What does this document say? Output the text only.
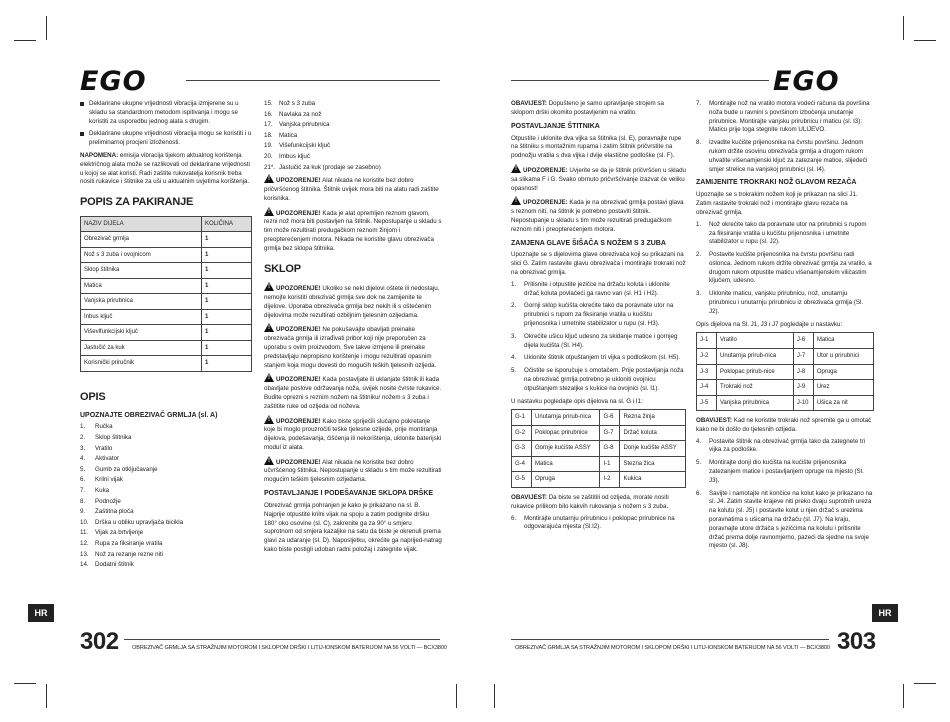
EGO
Deklarirane ukupne vrijednosti vibracija izmjerene su u skladu sa standardnom metodom ispitivanja i mogu se koristiti za usporedbu jednog alata s drugim.
Deklarirane ukupne vrijednosti vibracija mogu se koristiti i u preliminarnoj procjeni izloženosti.

NAPOMENA: emisija vibracija tijekom aktualnog korištenja električnog alata može se razlikovati od deklarirane vrijednosti u kojoj se alat koristi. Radi zaštite rukovatelja korisnik treba nositi rukavice i štitnike za uši u aktualnim uvjetima korištenja.

POPIS ZA PAKIRANJE
NAZIV DIJELA	KOLIČINA
Obrezivač grmlja	1
Nož s 3 zuba i ovojnicom	1
Sklop štitnika	1
Matica	1
Vanjska prirubnica	1
Inbus ključ	1
Viševlfunkcijski ključ	1
Jastučić za kuk	1
Korisnički priručnik	1
OPIS
UPOZNAJTE OBREZIVAČ GRMLJA (sl. A)
1.	Ručka
2.	Sklop štitnika
3.	Vratilo
4.	Aktivator
5.	Gumb za otključavanje
6.	Krilni vijak
7.	Kuka
8.	Podnožje
9.	Zaštitna ploča
10.	Drška u obliku upravljača bicikla
11.	Vijak za brtvljenje
12.	Rupa za fiksiranje vratila
13.	Nož za rezanje rezne niti
14.	Dodatni štitnik
15.	Nož s 3 zuba
16.	Navlaka za nož
17.	Vanjska prirubnica
18.	Matica
19.	Višefunkcijski ključ
20.	Imbus ključ
21*. Jastučić za kuk (prodaje se zasebno)

!UPOZORENJE! Alat nikada ne koristite bez dobro pričvršćenog štitnika. Štitnik uvijek mora biti na alatu radi zaštite korisnika.

!UPOZORENJE! Kada je alat opremljen reznom glavom, rezni nož mora biti postavljen na štitnik. Nepostupanje u skladu s tim može rezultirati predugačkom reznom žinjom i preopterećenjem motora. Nikada ne koristite glavu obrezivača grmlja bez sklopa štitnika.

SKLOP

!UPOZORENJE! Ukoliko se neki dijelovi oštete ili nedostaju, nemojte koristiti obrezivač grmlja sve dok ne zamijenite te dijelove. Uporaba obrezivača grmlja bez nekih ili s oštećenim dijelovima može rezultirati ozbiljnim tjelesnim ozljedama.

!UPOZORENJE! Ne pokušavajte obavljati preinake obrezivača grmlja ili izrađivati pribor koji nije preporučen za uporabu s ovim proizvodom. Sve takve izmjene ili preinake predstavljaju nepropisno korištenje i mogu rezultirati opasnim stanjem koja mogu dovesti do mogućih teških tjelesnih ozljeda.

!UPOZORENJE! Kada postavljate ili uklanjate štitnik ili kada obavljate poslove održavanja noža, uvijek nosite čvrste rukavice. Budite oprezni s reznim nožem na štitniku/ nožem s 3 zuba i zaštitite ruke od ozljeda od noževa.

!UPOZORENJE! Kako biste spriječili slučajno pokretanje koje bi moglo prouzročiti teške tjelesne ozljede, prije montiranja dijelova, podešavanja, čišćenja ili nekorištenja, uklonite baterijski modul iz alata.

!UPOZORENJE! Alat nikada ne koristite bez dobro učvršćenog štitnika. Nepostupanje u skladu s tim može rezultirati mogućim teškim tjelesnim ozljedama.

POSTAVLJANJE I PODEŠAVANJE SKLOPA DRŠKE

Obrezivač grmlja pohranjen je kako je prikazano na sl. B. Najprije otpustite krilni vijak na spoju a zatim podignite dršku 180° oko osovine (sl. C), zakrenite ga za 90° u smjeru suprotnom od smjera kazaljke na satu da biste je okrenuli prema glavi za udaranje (sl. D). Naposljetku, okrećite ga naprijed-natrag kako biste postigli udoban radni položaj i zategnite vijak.

HR
302 OBREZIVAČ GRMLJA SA STRAŽNJIM MOTOROM I SKLOPOM DRŠKI I LITIJ-IONSKOM BATERIJOM NA 56 VOLTI — BCX3800
EGO

OBAVIJEST: Dopušteno je samo upravljanje strojem sa sklopom drški okomito postavljenim na vratilo.

POSTAVLJANJE ŠTITNIKA

Otpustite i uklonite dva vijka sa štitnika (sl. E), poravnajte rupe na štitniku s montažnim rupama i zatim štitnik pričvrstite na podnožju vratila s dva vijka i dvije elastične podloške (sl. F).

!UPOZORENJE: Uvjerite se da je štitnik pričvršćen u skladu sa slikama F i G. Svako obrnuto pričvršćivanje izazvat će veliku opasnost!

!UPOZORENJE: Kada je na obrezivač grmlja postavi glava s reznom niti, na štitnik je potrebno postaviti štitnik. Nepostupanje u skladu s tim može rezultirati predugačkom reznom niti i preopterećenjem motora.

ZAMJENA GLAVE ŠIŠAČA S NOŽEM S 3 ZUBA

Upoznajte se s dijelovima glave obrezivača koji su prikazani na slici G. Zatim rastavite glavu obrezivača i montirajte trokraki nož na obrezivač grmlja.

1.	Pritisnite i otpustite jezičce na držaču koluta i uklonite držač koluta povlačeći ga ravno van (sl. H1 i H2).
2.	Gornji sklop kućišta okrećite tako da poravnate utor na prirubnici s rupom za fiksiranje vratila u kućištu prijenosnika i umetnite stabilizator u rupu (sl. H3).
3.	Okrećite ušicu ključ udesno za skidanje matice i gornjeg dijela kućišta (Sl. H4).
4.	Uklonite štitnik otpuštanjem tri vijka s podloškom (sl. H5).
5.	Očistite se isporučuje s omotačem. Prije postavljanja noža na obrezivač grmlja potrebno je ukloniti ovojnicu otpuštanjem stezaljke s kukice na ovojnici (sl. I1).

U nastavku pogledajte opis dijelova na sl. G i I1:

G-1	Unutarnja prirub-nica	G-6	Rezna žinja
G-2	Poklopac prirubnice	G-7	Držač koluta
G-3	Gornje kućište ASSY	G-8	Donje kućište ASSY
G-4	Matica	I-1	Stezna žica
G-5	Opruga	I-2	Kukica

OBAVIJEST: Da biste se zaštitili od ozljeda, morate nositi rukavice prilikom bilo kakvih rukovanja s nožem s 3 zuba.

6.	Montirajte unutarnju prirubnicu i poklopac prirubnice na odgovarajuća mjesta (Sl.I2).
7.	Montirajte nož na vratilo motora vodeći računa da površina noža bude u ravnini s površinom izbočenja unutarnje prirubnice. Montirajte vanjsku prirubnicu i maticu (sl. I3): Maticu prije toga stegnite rukom ULIJEVO.
8.	Izvadite kućište prijenosnika na čvrstu površinu. Jednom rukom držite osovinu obrezivača grmlja a drugom rukom uhvatite višenamjenski ključ za zatezanje matice, slijedeći smjer strelice na vanjskoj prirubnici (sl. I4).
ZAMIJENITE TROKRAKI NOŽ GLAVOM REZAČA

Upoznajte se s trokrakim nožem koji je prikazan na slici J1. Zatim rastavite trokraki nož i montirajte glavu rezača na obrezivač grmlja.

1.	Nož okrećite tako da poravnate utor na prirubnici s rupom za fiksiranje vratila u kućištu prijenosnika i umetnite stabilizator u rupu (sl. J2).
2.	Postavite kućište prijenosnika na čvrstu površinu radi oslonca. Jednom rukom držite obrezivač grmlja za vratilo, a drugom rukom otpustite maticu višenamjenskim viličastim ključem, udesno.
3.	Uklonite maticu, vanjsku prirubnicu, nož, unutarnju prirubnicu i unutarnju prirubnicu iz obrezivača grmlja (Sl. J2).

Opis dijelova na Sl. J1, J3 i J7 pogledajte u nastavku:

J-1	Vratilo	J-6	Matica
J-2	Unutarnja prirub-nica	J-7	Utor u prirubnici
J-3	Poklopac prirub-nice	J-8	Opruga
J-4	Trokraki nož	J-9	Urez
J-5	Vanjska prirubnica	J-10	Ušica za nit

OBAVIJEST: Kad ne koristite trokraki nož spremite ga u omotač kako ne bi došlo do tjelesnih ozljeda.

4.	Postavite štitnik na obrezivač grmlja tako da zategnete tri vijka za podloške.
5.	Montirajte donji dio kućišta na kućište prijenosnika zatezanjem matice i postavljanjem opruge na mjesto (Sl. J3).
6.	Savijte i namotajte nit končice na kolut kako je prikazano na sl. J4. Zatim stavite krajeve niti preko dvaju suprotnih ureza na kolutu (sl. J5) i postavite kolut u njen držač s urezima poravnatima s ušicama na držaču (sl. J7). Na kraju, poravnajte utore držača s jezičcima na kolutu i pritisnite držač prema dolje ravnomjerno, pazeći da sjedne na svoje mjesto (sl. J8).
HR
303
OBREZIVAČ GRMLJA SA STRAŽNJIM MOTOROM I SKLOPOM DRŠKI I LITIJ-IONSKOM BATERIJOM NA 56 VOLTI — BCX3800
